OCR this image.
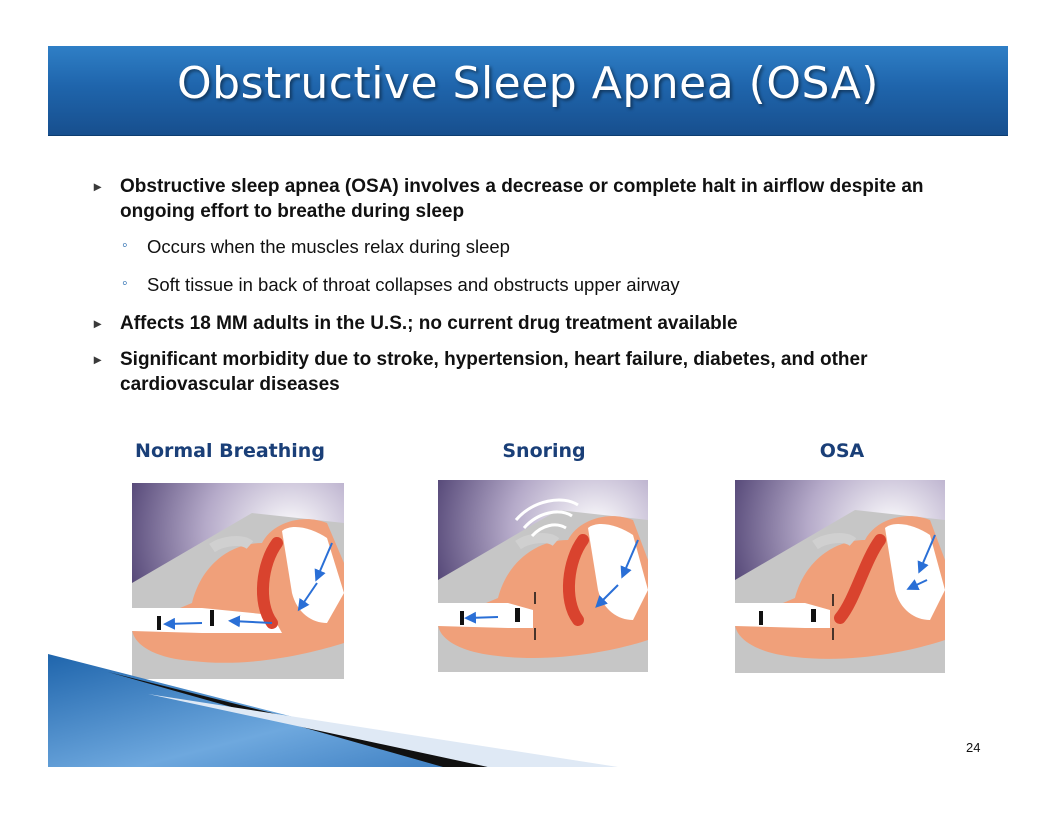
Obstructive Sleep Apnea (OSA)
▸ Obstructive sleep apnea (OSA) involves a decrease or complete halt in airflow despite an ongoing effort to breathe during sleep
◦ Occurs when the muscles relax during sleep
◦ Soft tissue in back of throat collapses and obstructs upper airway
▸ Affects 18 MM adults in the U.S.; no current drug treatment available
▸ Significant morbidity due to stroke, hypertension, heart failure, diabetes, and other cardiovascular diseases
Normal Breathing	Snoring	OSA
24
